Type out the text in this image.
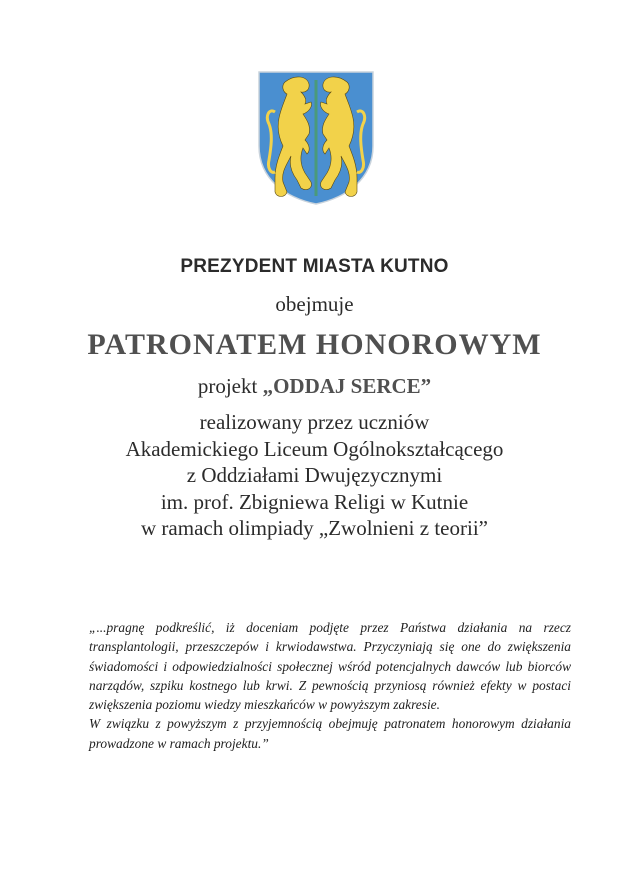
PREZYDENT MIASTA KUTNO
obejmuje
PATRONATEM HONOROWYM
projekt „ODDAJ SERCE”
realizowany przez uczniów
Akademickiego Liceum Ogólnokształcącego
z Oddziałami Dwujęzycznymi
im. prof. Zbigniewa Religi w Kutnie
w ramach olimpiady „Zwolnieni z teorii”

„...pragnę podkreślić, iż doceniam podjęte przez Państwa działania na rzecz transplantologii, przeszczepów i krwiodawstwa. Przyczyniają się one do zwiększenia świadomości i odpowiedzialności społecznej wśród potencjalnych dawców lub biorców narządów, szpiku kostnego lub krwi. Z pewnością przyniosą również efekty w postaci zwiększenia poziomu wiedzy mieszkańców w powyższym zakresie.

W związku z powyższym z przyjemnością obejmuję patronatem honorowym działania prowadzone w ramach projektu.”
